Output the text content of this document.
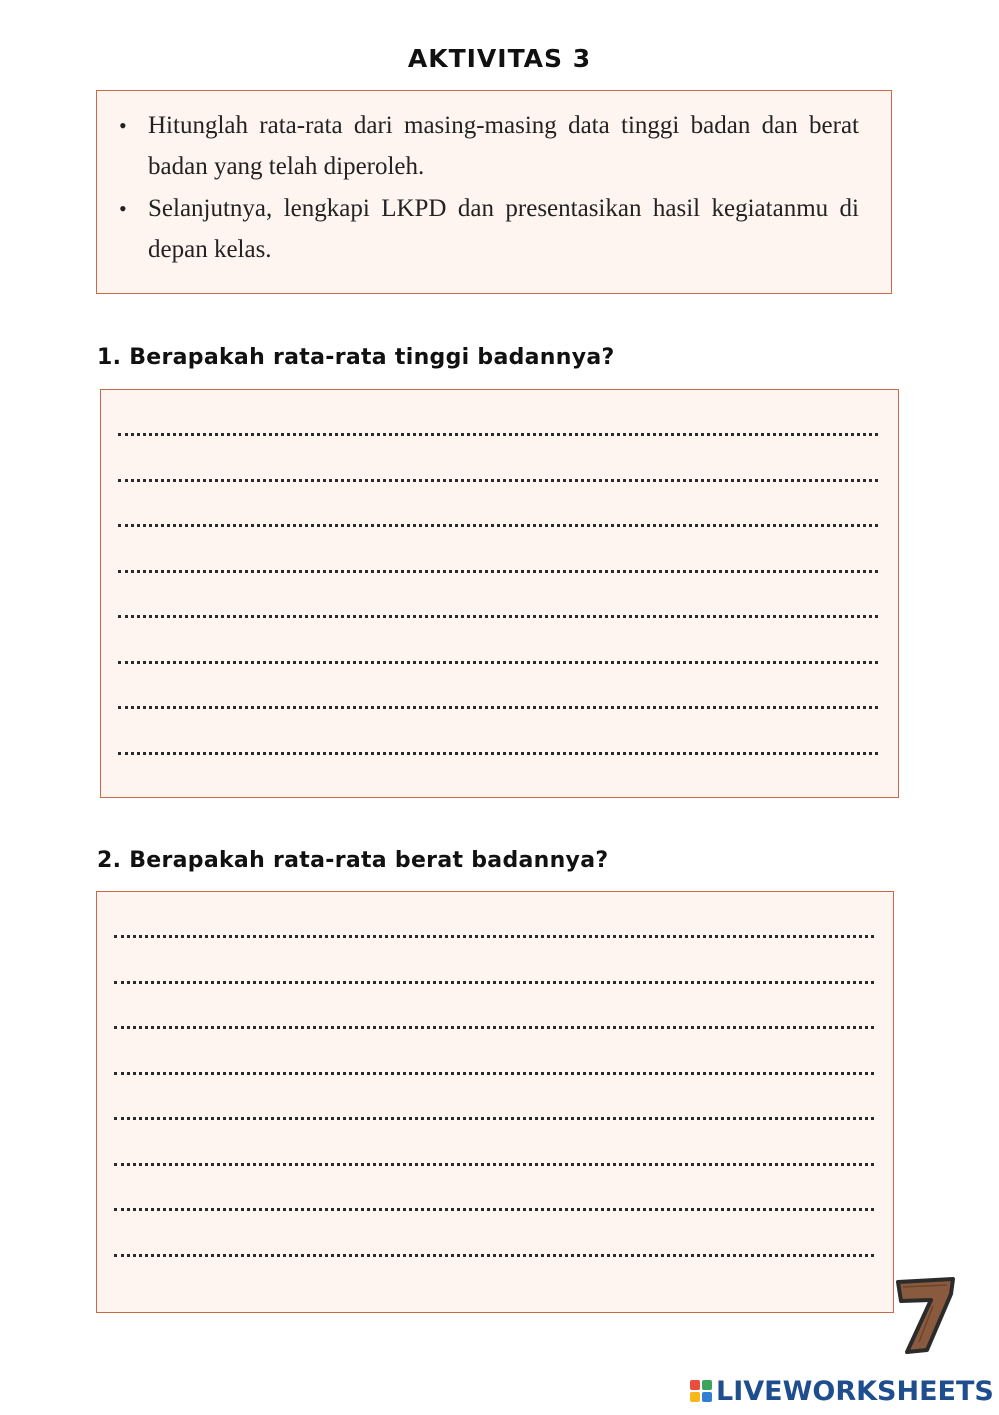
AKTIVITAS 3
• Hitunglah rata-rata dari masing-masing data tinggi badan dan berat badan yang telah diperoleh.
• Selanjutnya, lengkapi LKPD dan presentasikan hasil kegiatanmu di depan kelas.
1. Berapakah rata-rata tinggi badannya?
2. Berapakah rata-rata berat badannya?
LIVEWORKSHEETS
